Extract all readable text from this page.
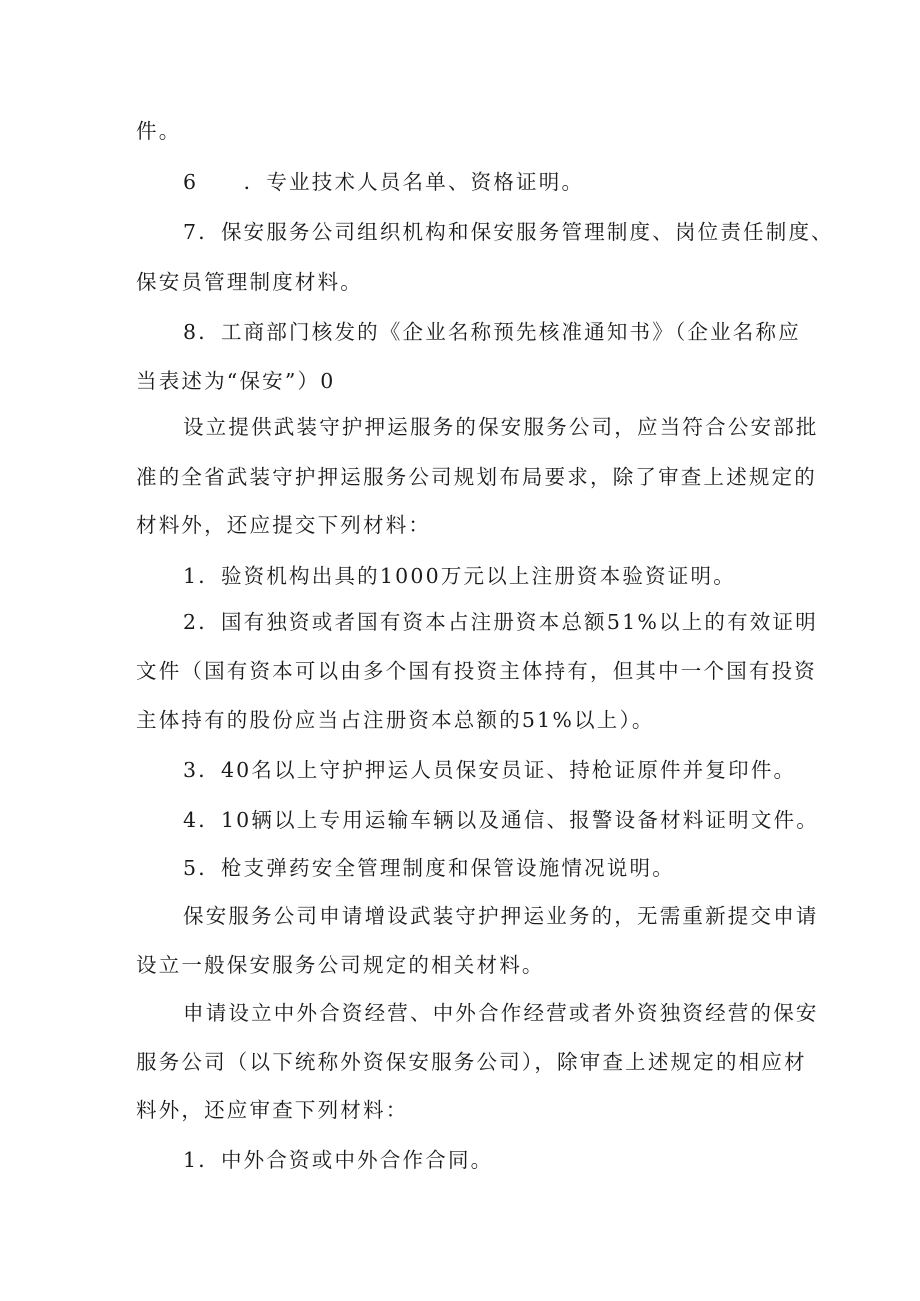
件。
6　　．专业技术人员名单、资格证明。
7．保安服务公司组织机构和保安服务管理制度、岗位责任制度、
保安员管理制度材料。
8．工商部门核发的《企业名称预先核准通知书》（企业名称应
当表述为“保安”）0
设立提供武装守护押运服务的保安服务公司，应当符合公安部批
准的全省武装守护押运服务公司规划布局要求，除了审查上述规定的
材料外，还应提交下列材料：
1．验资机构出具的1000万元以上注册资本验资证明。
2．国有独资或者国有资本占注册资本总额51%以上的有效证明
文件（国有资本可以由多个国有投资主体持有，但其中一个国有投资
主体持有的股份应当占注册资本总额的51%以上）。
3．40名以上守护押运人员保安员证、持枪证原件并复印件。
4．10辆以上专用运输车辆以及通信、报警设备材料证明文件。
5．枪支弹药安全管理制度和保管设施情况说明。
保安服务公司申请增设武装守护押运业务的，无需重新提交申请
设立一般保安服务公司规定的相关材料。
申请设立中外合资经营、中外合作经营或者外资独资经营的保安
服务公司（以下统称外资保安服务公司），除审查上述规定的相应材
料外，还应审查下列材料：
1．中外合资或中外合作合同。
